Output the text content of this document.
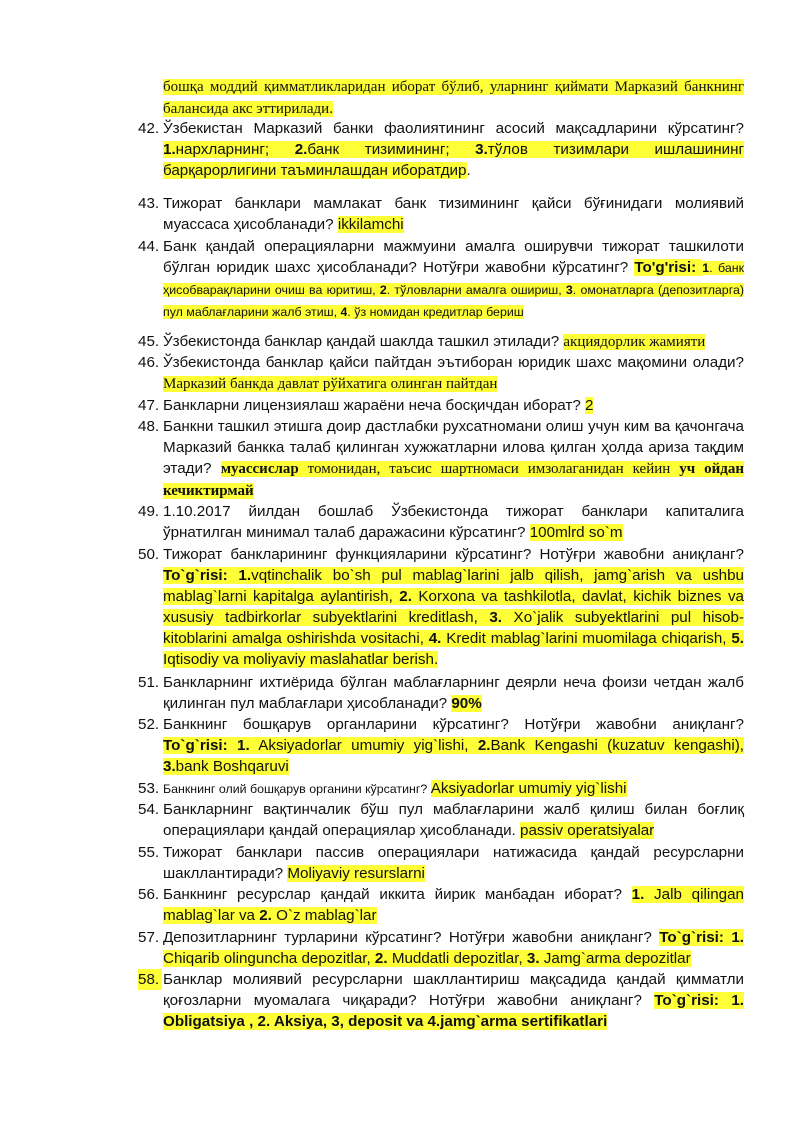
бошқа моддий қимматликларидан иборат бўлиб, уларнинг қиймати Марказий банкнинг балансида акс эттирилади.
42. Ўзбекистан Марказий банки фаолиятининг асосий мақсадларини кўрсатинг? 1.нархларнинг; 2.банк тизимининг; 3.тўлов тизимлари ишлашининг барқарорлигини таъминлашдан иборатдир.
43. Тижорат банклари мамлакат банк тизимининг қайси бўғинидаги молиявий муассаса ҳисобланади? ikkilamchi
44. Банк қандай операцияларни мажмуини амалга оширувчи тижорат ташкилоти бўлган юридик шахс ҳисобланади? Нотўғри жавобни кўрсатинг? To'g'risi: 1. банк ҳисобварақларини очиш ва юритиш, 2. тўловларни амалга ошириш, 3. омонатларга (депозитларга) пул маблағларини жалб этиш, 4. ўз номидан кредитлар бериш
45. Ўзбекистонда банклар қандай шаклда ташкил этилади? акциядорлик жамияти
46. Ўзбекистонда банклар қайси пайтдан эътиборан юридик шахс мақомини олади? Марказий банкда давлат рўйхатига олинган пайтдан
47. Банкларни лицензиялаш жараёни неча босқичдан иборат? 2
48. Банкни ташкил этишга доир дастлабки рухсатномани олиш учун ким ва қачонгача Марказий банкка талаб қилинган хужжатларни илова қилган ҳолда ариза тақдим этади? муассислар томонидан, таъсис шартномаси имзолаганидан кейин уч ойдан кечиктирмай
49. 1.10.2017 йилдан бошлаб Ўзбекистонда тижорат банклари капиталига ўрнатилган минимал талаб даражасини кўрсатинг? 100mlrd so`m
50. Тижорат банкларининг функцияларини кўрсатинг? Нотўғри жавобни аниқланг? To`g`risi: 1.vqtinchalik bo`sh pul mablag`larini jalb qilish, jamg`arish va ushbu mablag`larni kapitalga aylantirish, 2. Korxona va tashkilotla, davlat, kichik biznes va xususiy tadbirkorlar subyektlarini kreditlash, 3. Xo`jalik subyektlarini pul hisob-kitoblarini amalga oshirishda vositachi, 4. Kredit mablag`larini muomilaga chiqarish, 5. Iqtisodiy va moliyaviy maslahatlar berish.
51. Банкларнинг ихтиёрида бўлган маблағларнинг деярли неча фоизи четдан жалб қилинган пул маблағлари ҳисобланади? 90%
52. Банкнинг бошқарув органларини кўрсатинг? Нотўғри жавобни аниқланг? To`g`risi: 1. Aksiyadorlar umumiy yig`lishi, 2.Bank Kengashi (kuzatuv kengashi), 3.bank Boshqaruvi
53. Банкнинг олий бошқарув органини кўрсатинг? Aksiyadorlar umumiy yig`lishi
54. Банкларнинг вақтинчалик бўш пул маблағларини жалб қилиш билан боғлиқ операциялари қандай операциялар ҳисобланади. passiv operatsiyalar
55. Тижорат банклари пассив операциялари натижасида қандай ресурсларни шакллантиради? Moliyaviy resurslarni
56. Банкнинг ресурслар қандай иккита йирик манбадан иборат? 1. Jalb qilingan mablag`lar va 2. O`z mablag`lar
57. Депозитларнинг турларини кўрсатинг? Нотўғри жавобни аниқланг? To`g`risi: 1. Chiqarib olinguncha depozitlar, 2. Muddatli depozitlar, 3. Jamg`arma depozitlar
58. Банклар молиявий ресурсларни шакллантириш мақсадида қандай қимматли қоғозларни муомалага чиқаради? Нотўғри жавобни аниқланг? To`g`risi: 1. Obligatsiya , 2. Aksiya, 3, deposit va 4.jamg`arma sertifikatlari
